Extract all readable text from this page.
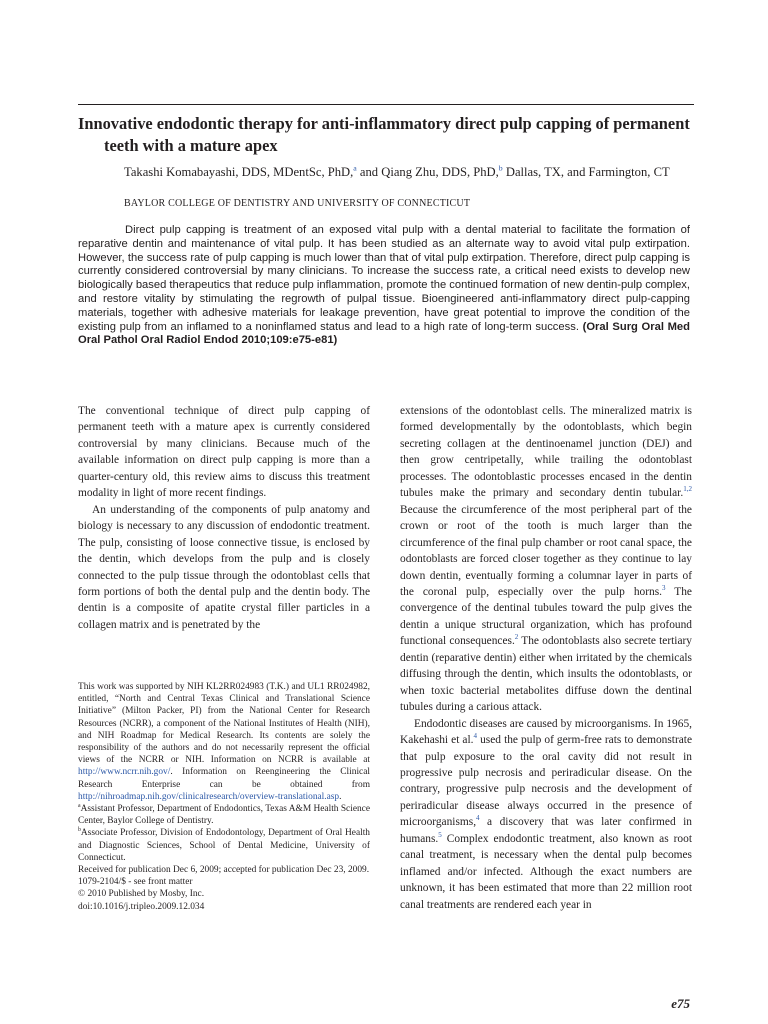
Innovative endodontic therapy for anti-inflammatory direct pulp capping of permanent teeth with a mature apex
Takashi Komabayashi, DDS, MDentSc, PhD,$^a$ and Qiang Zhu, DDS, PhD,$^b$ Dallas, TX, and Farmington, CT
BAYLOR COLLEGE OF DENTISTRY AND UNIVERSITY OF CONNECTICUT
Direct pulp capping is treatment of an exposed vital pulp with a dental material to facilitate the formation of reparative dentin and maintenance of vital pulp. It has been studied as an alternate way to avoid vital pulp extirpation. However, the success rate of pulp capping is much lower than that of vital pulp extirpation. Therefore, direct pulp capping is currently considered controversial by many clinicians. To increase the success rate, a critical need exists to develop new biologically based therapeutics that reduce pulp inflammation, promote the continued formation of new dentin-pulp complex, and restore vitality by stimulating the regrowth of pulpal tissue. Bioengineered anti-inflammatory direct pulp-capping materials, together with adhesive materials for leakage prevention, have great potential to improve the condition of the existing pulp from an inflamed to a noninflamed status and lead to a high rate of long-term success. (Oral Surg Oral Med Oral Pathol Oral Radiol Endod 2010;109:e75-e81)

The conventional technique of direct pulp capping of permanent teeth with a mature apex is currently considered controversial by many clinicians. Because much of the available information on direct pulp capping is more than a quarter-century old, this review aims to discuss this treatment modality in light of more recent findings.

An understanding of the components of pulp anatomy and biology is necessary to any discussion of endodontic treatment. The pulp, consisting of loose connective tissue, is enclosed by the dentin, which develops from the pulp and is closely connected to the pulp tissue through the odontoblast cells that form portions of both the dental pulp and the dentin body. The dentin is a composite of apatite crystal filler particles in a collagen matrix and is penetrated by the

This work was supported by NIH KL2RR024983 (T.K.) and UL1 RR024982, entitled, “North and Central Texas Clinical and Translational Science Initiative” (Milton Packer, PI) from the National Center for Research Resources (NCRR), a component of the National Institutes of Health (NIH), and NIH Roadmap for Medical Research. Its contents are solely the responsibility of the authors and do not necessarily represent the official views of the NCRR or NIH. Information on NCRR is available at http://www.ncrr.nih.gov/. Information on Reengineering the Clinical Research Enterprise can be obtained from http://nihroadmap.nih.gov/clinicalresearch/overview-translational.asp.

$^a$Assistant Professor, Department of Endodontics, Texas A&M Health Science Center, Baylor College of Dentistry.

$^b$Associate Professor, Division of Endodontology, Department of Oral Health and Diagnostic Sciences, School of Dental Medicine, University of Connecticut.

Received for publication Dec 6, 2009; accepted for publication Dec 23, 2009.

1079-2104/$ - see front matter

© 2010 Published by Mosby, Inc.

doi:10.1016/j.tripleo.2009.12.034

extensions of the odontoblast cells. The mineralized matrix is formed developmentally by the odontoblasts, which begin secreting collagen at the dentinoenamel junction (DEJ) and then grow centripetally, while trailing the odontoblast processes. The odontoblastic processes encased in the dentin tubules make the primary and secondary dentin tubular.$^{1,2}$ Because the circumference of the most peripheral part of the crown or root of the tooth is much larger than the circumference of the final pulp chamber or root canal space, the odontoblasts are forced closer together as they continue to lay down dentin, eventually forming a columnar layer in parts of the coronal pulp, especially over the pulp horns.$^3$ The convergence of the dentinal tubules toward the pulp gives the dentin a unique structural organization, which has profound functional consequences.$^2$ The odontoblasts also secrete tertiary dentin (reparative dentin) either when irritated by the chemicals diffusing through the dentin, which insults the odontoblasts, or when toxic bacterial metabolites diffuse down the dentinal tubules during a carious attack.

Endodontic diseases are caused by microorganisms. In 1965, Kakehashi et al.$^4$ used the pulp of germ-free rats to demonstrate that pulp exposure to the oral cavity did not result in progressive pulp necrosis and periradicular disease. On the contrary, progressive pulp necrosis and the development of periradicular disease always occurred in the presence of microorganisms,$^4$ a discovery that was later confirmed in humans.$^5$ Complex endodontic treatment, also known as root canal treatment, is necessary when the dental pulp becomes inflamed and/or infected. Although the exact numbers are unknown, it has been estimated that more than 22 million root canal treatments are rendered each year in

e75
